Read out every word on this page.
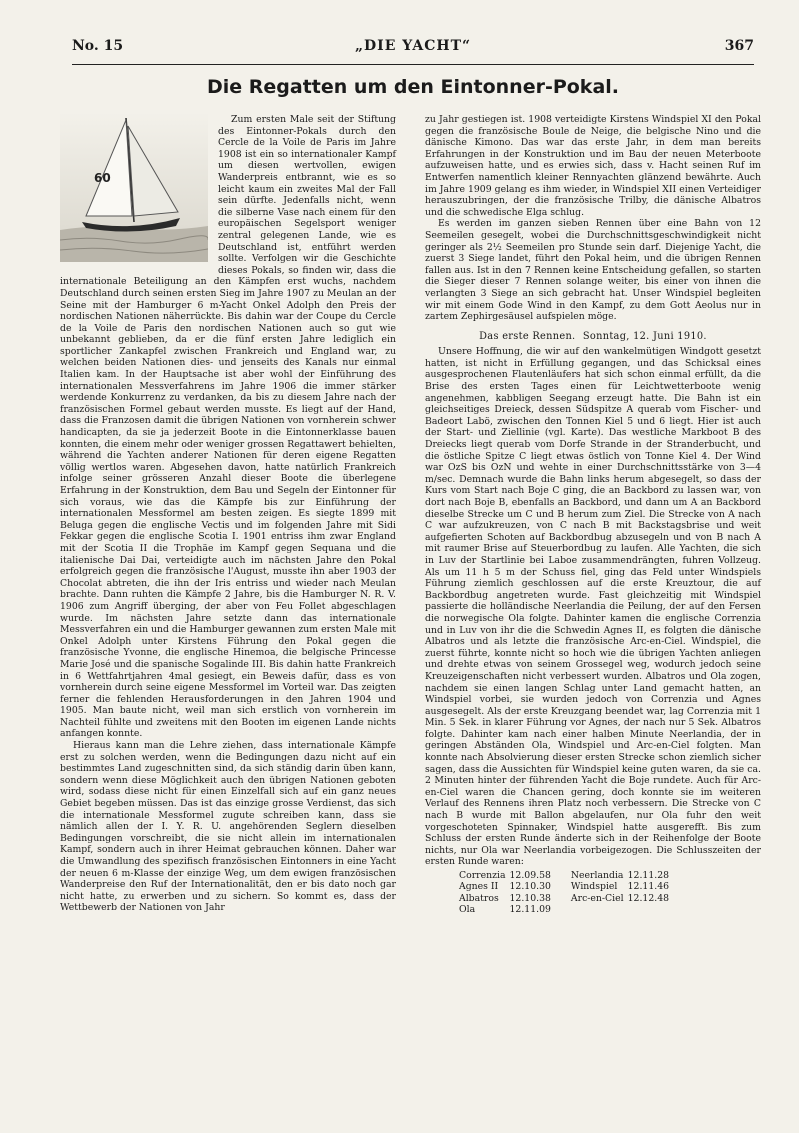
No. 15	„DIE YACHT“	367
Die Regatten um den Eintonner-Pokal.
60

Zum ersten Male seit der Stiftung des Eintonner-Pokals durch den Cercle de la Voile de Paris im Jahre 1908 ist ein so internationaler Kampf um diesen wertvollen, ewigen Wanderpreis entbrannt, wie es so leicht kaum ein zweites Mal der Fall sein dürfte. Jedenfalls nicht, wenn die silberne Vase nach einem für den europäischen Segelsport weniger zentral gelegenen Lande, wie es Deutschland ist, entführt werden sollte. Verfolgen wir die Geschichte dieses Pokals, so finden wir, dass die internationale Beteiligung an den Kämpfen erst wuchs, nachdem Deutschland durch seinen ersten Sieg im Jahre 1907 zu Meulan an der Seine mit der Hamburger 6 m-Yacht Onkel Adolph den Preis der nordischen Nationen näherrückte. Bis dahin war der Coupe du Cercle de la Voile de Paris den nordischen Nationen auch so gut wie unbekannt geblieben, da er die fünf ersten Jahre lediglich ein sportlicher Zankapfel zwischen Frankreich und England war, zu welchen beiden Nationen dies- und jenseits des Kanals nur einmal Italien kam. In der Hauptsache ist aber wohl der Einführung des internationalen Messverfahrens im Jahre 1906 die immer stärker werdende Konkurrenz zu verdanken, da bis zu diesem Jahre nach der französischen Formel gebaut werden musste. Es liegt auf der Hand, dass die Franzosen damit die übrigen Nationen von vornherein schwer handicapten, da sie ja jederzeit Boote in die Eintonnerklasse bauen konnten, die einem mehr oder weniger grossen Regattawert behielten, während die Yachten anderer Nationen für deren eigene Regatten völlig wertlos waren. Abgesehen davon, hatte natürlich Frankreich infolge seiner grösseren Anzahl dieser Boote die überlegene Erfahrung in der Konstruktion, dem Bau und Segeln der Eintonner für sich voraus, wie das die Kämpfe bis zur Einführung der internationalen Messformel am besten zeigen. Es siegte 1899 mit Beluga gegen die englische Vectis und im folgenden Jahre mit Sidi Fekkar gegen die englische Scotia I. 1901 entriss ihm zwar England mit der Scotia II die Trophäe im Kampf gegen Sequana und die italienische Dai Dai, verteidigte auch im nächsten Jahre den Pokal erfolgreich gegen die französische l'August, musste ihn aber 1903 der Chocolat abtreten, die ihn der Iris entriss und wieder nach Meulan brachte. Dann ruhten die Kämpfe 2 Jahre, bis die Hamburger N. R. V. 1906 zum Angriff überging, der aber von Feu Follet abgeschlagen wurde. Im nächsten Jahre setzte dann das internationale Messverfahren ein und die Hamburger gewannen zum ersten Male mit Onkel Adolph unter Kirstens Führung den Pokal gegen die französische Yvonne, die englische Hinemoa, die belgische Princesse Marie José und die spanische Sogalinde III. Bis dahin hatte Frankreich in 6 Wettfahrtjahren 4mal gesiegt, ein Beweis dafür, dass es von vornherein durch seine eigene Messformel im Vorteil war. Das zeigten ferner die fehlenden Herausforderungen in den Jahren 1904 und 1905. Man baute nicht, weil man sich erstlich von vornherein im Nachteil fühlte und zweitens mit den Booten im eigenen Lande nichts anfangen konnte.

Hieraus kann man die Lehre ziehen, dass internationale Kämpfe erst zu solchen werden, wenn die Bedingungen dazu nicht auf ein bestimmtes Land zugeschnitten sind, da sich ständig darin üben kann, sondern wenn diese Möglichkeit auch den übrigen Nationen geboten wird, sodass diese nicht für einen Einzelfall sich auf ein ganz neues Gebiet begeben müssen. Das ist das einzige grosse Verdienst, das sich die internationale Messformel zugute schreiben kann, dass sie nämlich allen der I. Y. R. U. angehörenden Seglern dieselben Bedingungen vorschreibt, die sie nicht allein im internationalen Kampf, sondern auch in ihrer Heimat gebrauchen können. Daher war die Umwandlung des spezifisch französischen Eintonners in eine Yacht der neuen 6 m-Klasse der einzige Weg, um dem ewigen französischen Wanderpreise den Ruf der Internationalität, den er bis dato noch gar nicht hatte, zu erwerben und zu sichern. So kommt es, dass der Wettbewerb der Nationen von Jahr

zu Jahr gestiegen ist. 1908 verteidigte Kirstens Windspiel XI den Pokal gegen die französische Boule de Neige, die belgische Nino und die dänische Kimono. Das war das erste Jahr, in dem man bereits Erfahrungen in der Konstruktion und im Bau der neuen Meterboote aufzuweisen hatte, und es erwies sich, dass v. Hacht seinen Ruf im Entwerfen namentlich kleiner Rennyachten glänzend bewährte. Auch im Jahre 1909 gelang es ihm wieder, in Windspiel XII einen Verteidiger herauszubringen, der die französische Trilby, die dänische Albatros und die schwedische Elga schlug.

Es werden im ganzen sieben Rennen über eine Bahn von 12 Seemeilen gesegelt, wobei die Durchschnittsgeschwindigkeit nicht geringer als 2½ Seemeilen pro Stunde sein darf. Diejenige Yacht, die zuerst 3 Siege landet, führt den Pokal heim, und die übrigen Rennen fallen aus. Ist in den 7 Rennen keine Entscheidung gefallen, so starten die Sieger dieser 7 Rennen solange weiter, bis einer von ihnen die verlangten 3 Siege an sich gebracht hat. Unser Windspiel begleiten wir mit einem Gode Wind in den Kampf, zu dem Gott Aeolus nur in zartem Zephirgesäusel aufspielen möge.

Das erste Rennen. Sonntag, 12. Juni 1910.

Unsere Hoffnung, die wir auf den wankelmütigen Windgott gesetzt hatten, ist nicht in Erfüllung gegangen, und das Schicksal eines ausgesprochenen Flautenläufers hat sich schon einmal erfüllt, da die Brise des ersten Tages einen für Leichtwetterboote wenig angenehmen, kabbligen Seegang erzeugt hatte. Die Bahn ist ein gleichseitiges Dreieck, dessen Südspitze A querab vom Fischer- und Badeort Labö, zwischen den Tonnen Kiel 5 und 6 liegt. Hier ist auch der Start- und Ziellinie (vgl. Karte). Das westliche Markboot B des Dreiecks liegt querab vom Dorfe Strande in der Stranderbucht, und die östliche Spitze C liegt etwas östlich von Tonne Kiel 4. Der Wind war OzS bis OzN und wehte in einer Durchschnittsstärke von 3—4 m/sec. Demnach wurde die Bahn links herum abgesegelt, so dass der Kurs vom Start nach Boje C ging, die an Backbord zu lassen war, von dort nach Boje B, ebenfalls an Backbord, und dann um A an Backbord dieselbe Strecke um C und B herum zum Ziel. Die Strecke von A nach C war aufzukreuzen, von C nach B mit Backstagsbrise und weit aufgefierten Schoten auf Backbordbug abzusegeln und von B nach A mit raumer Brise auf Steuerbordbug zu laufen. Alle Yachten, die sich in Luv der Startlinie bei Laboe zusammendrängten, fuhren Vollzeug. Als um 11 h 5 m der Schuss fiel, ging das Feld unter Windspiels Führung ziemlich geschlossen auf die erste Kreuztour, die auf Backbordbug angetreten wurde. Fast gleichzeitig mit Windspiel passierte die holländische Neerlandia die Peilung, der auf den Fersen die norwegische Ola folgte. Dahinter kamen die englische Correnzia und in Luv von ihr die die Schwedin Agnes II, es folgten die dänische Albatros und als letzte die französische Arc-en-Ciel. Windspiel, die zuerst führte, konnte nicht so hoch wie die übrigen Yachten anliegen und drehte etwas von seinem Grossegel weg, wodurch jedoch seine Kreuzeigenschaften nicht verbessert wurden. Albatros und Ola zogen, nachdem sie einen langen Schlag unter Land gemacht hatten, an Windspiel vorbei, sie wurden jedoch von Correnzia und Agnes ausgesegelt. Als der erste Kreuzgang beendet war, lag Correnzia mit 1 Min. 5 Sek. in klarer Führung vor Agnes, der nach nur 5 Sek. Albatros folgte. Dahinter kam nach einer halben Minute Neerlandia, der in geringen Abständen Ola, Windspiel und Arc-en-Ciel folgten. Man konnte nach Absolvierung dieser ersten Strecke schon ziemlich sicher sagen, dass die Aussichten für Windspiel keine guten waren, da sie ca. 2 Minuten hinter der führenden Yacht die Boje rundete. Auch für Arc-en-Ciel waren die Chancen gering, doch konnte sie im weiteren Verlauf des Rennens ihren Platz noch verbessern. Die Strecke von C nach B wurde mit Ballon abgelaufen, nur Ola fuhr den weit vorgeschoteten Spinnaker, Windspiel hatte ausgerefft. Bis zum Schluss der ersten Runde änderte sich in der Reihenfolge der Boote nichts, nur Ola war Neerlandia vorbeigezogen. Die Schlusszeiten der ersten Runde waren:

Correnzia	12.09.58	Neerlandia	12.11.28
Agnes II	12.10.30	Windspiel	12.11.46
Albatros	12.10.38	Arc-en-Ciel	12.12.48
Ola	12.11.09		
